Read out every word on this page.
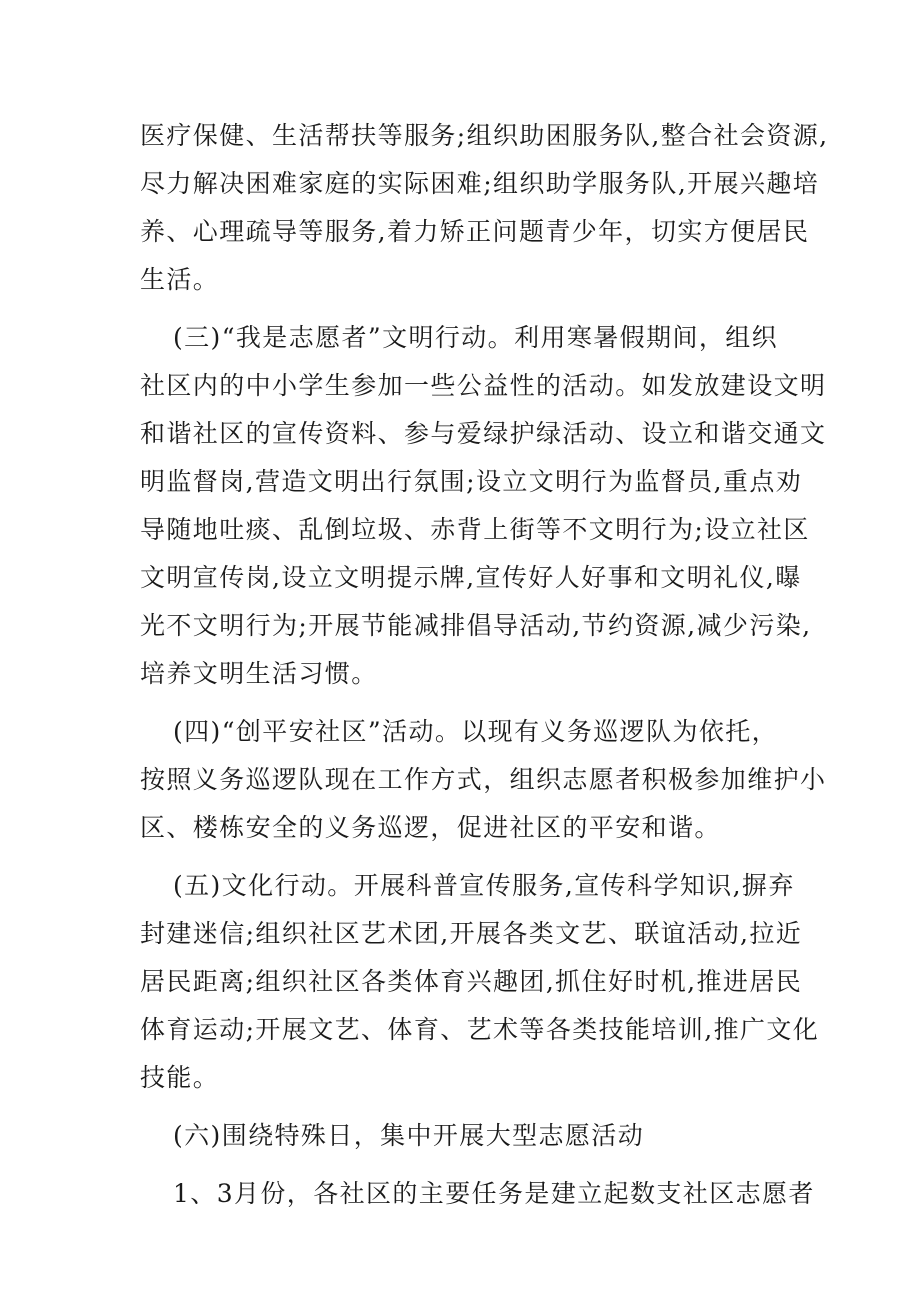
医疗保健、生活帮扶等服务;组织助困服务队,整合社会资源,
尽力解决困难家庭的实际困难;组织助学服务队,开展兴趣培
养、心理疏导等服务,着力矫正问题青少年，切实方便居民
生活。
(三)“我是志愿者”文明行动。利用寒暑假期间，组织
社区内的中小学生参加一些公益性的活动。如发放建设文明
和谐社区的宣传资料、参与爱绿护绿活动、设立和谐交通文
明监督岗,营造文明出行氛围;设立文明行为监督员,重点劝
导随地吐痰、乱倒垃圾、赤背上街等不文明行为;设立社区
文明宣传岗,设立文明提示牌,宣传好人好事和文明礼仪,曝
光不文明行为;开展节能减排倡导活动,节约资源,减少污染,
培养文明生活习惯。
(四)“创平安社区”活动。以现有义务巡逻队为依托，
按照义务巡逻队现在工作方式，组织志愿者积极参加维护小
区、楼栋安全的义务巡逻，促进社区的平安和谐。
(五)文化行动。开展科普宣传服务,宣传科学知识,摒弃
封建迷信;组织社区艺术团,开展各类文艺、联谊活动,拉近
居民距离;组织社区各类体育兴趣团,抓住好时机,推进居民
体育运动;开展文艺、体育、艺术等各类技能培训,推广文化
技能。
(六)围绕特殊日，集中开展大型志愿活动
1、3月份，各社区的主要任务是建立起数支社区志愿者
